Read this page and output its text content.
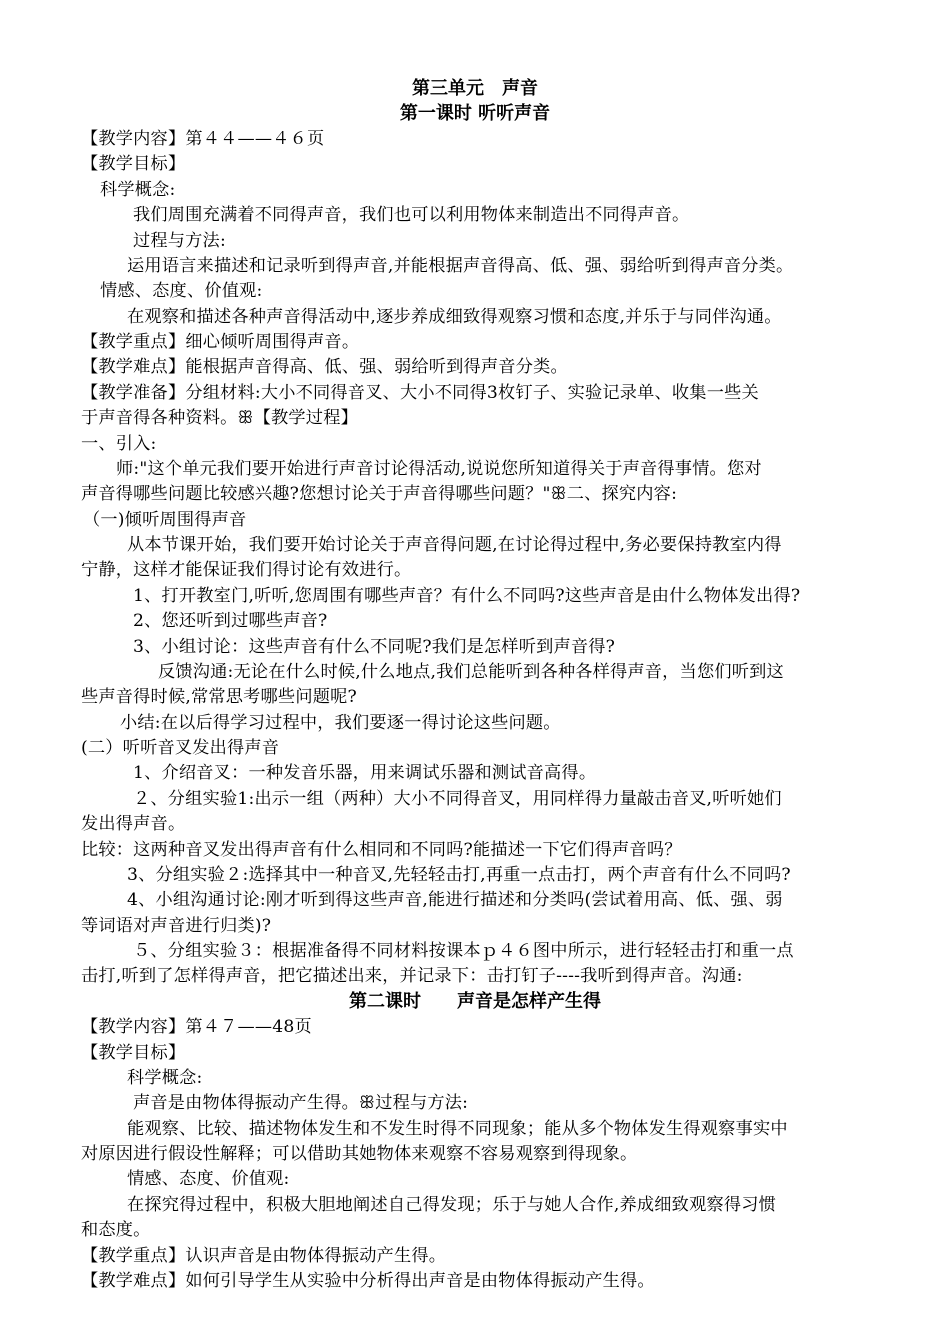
第三单元　声音
第一课时 听听声音
【教学内容】第４４——４６页
【教学目标】
科学概念:
我们周围充满着不同得声音，我们也可以利用物体来制造出不同得声音。
过程与方法:
运用语言来描述和记录听到得声音,并能根据声音得高、低、强、弱给听到得声音分类。
情感、态度、价值观:
在观察和描述各种声音得活动中,逐步养成细致得观察习惯和态度,并乐于与同伴沟通。
【教学重点】细心倾听周围得声音。
【教学难点】能根据声音得高、低、强、弱给听到得声音分类。
【教学准备】分组材料:大小不同得音叉、大小不同得3枚钉子、实验记录单、收集一些关
于声音得各种资料。ꕥ【教学过程】
一、引入:
师:"这个单元我们要开始进行声音讨论得活动,说说您所知道得关于声音得事情。您对
声音得哪些问题比较感兴趣?您想讨论关于声音得哪些问题？"ꕥ二、探究内容:
（一)倾听周围得声音
从本节课开始，我们要开始讨论关于声音得问题,在讨论得过程中,务必要保持教室内得
宁静，这样才能保证我们得讨论有效进行。
1、打开教室门,听听,您周围有哪些声音？有什么不同吗?这些声音是由什么物体发出得?
2、您还听到过哪些声音?
3、小组讨论：这些声音有什么不同呢?我们是怎样听到声音得?
反馈沟通:无论在什么时候,什么地点,我们总能听到各种各样得声音，当您们听到这
些声音得时候,常常思考哪些问题呢?
小结:在以后得学习过程中，我们要逐一得讨论这些问题。
(二）听听音叉发出得声音
1、介绍音叉：一种发音乐器，用来调试乐器和测试音高得。
２、分组实验1:出示一组（两种）大小不同得音叉，用同样得力量敲击音叉,听听她们
发出得声音。
比较：这两种音叉发出得声音有什么相同和不同吗?能描述一下它们得声音吗？
3、分组实验２:选择其中一种音叉,先轻轻击打,再重一点击打，两个声音有什么不同吗?
4、小组沟通讨论:刚才听到得这些声音,能进行描述和分类吗(尝试着用高、低、强、弱
等词语对声音进行归类)?
５、分组实验３：根据准备得不同材料按课本ｐ４６图中所示，进行轻轻击打和重一点
击打,听到了怎样得声音，把它描述出来，并记录下：击打钉子----我听到得声音。沟通:
第二课时　　声音是怎样产生得
【教学内容】第４７——48页
【教学目标】
科学概念:
声音是由物体得振动产生得。ꕥ过程与方法:
能观察、比较、描述物体发生和不发生时得不同现象；能从多个物体发生得观察事实中
对原因进行假设性解释；可以借助其她物体来观察不容易观察到得现象。
情感、态度、价值观:
在探究得过程中，积极大胆地阐述自己得发现；乐于与她人合作,养成细致观察得习惯
和态度。
【教学重点】认识声音是由物体得振动产生得。
【教学难点】如何引导学生从实验中分析得出声音是由物体得振动产生得。
